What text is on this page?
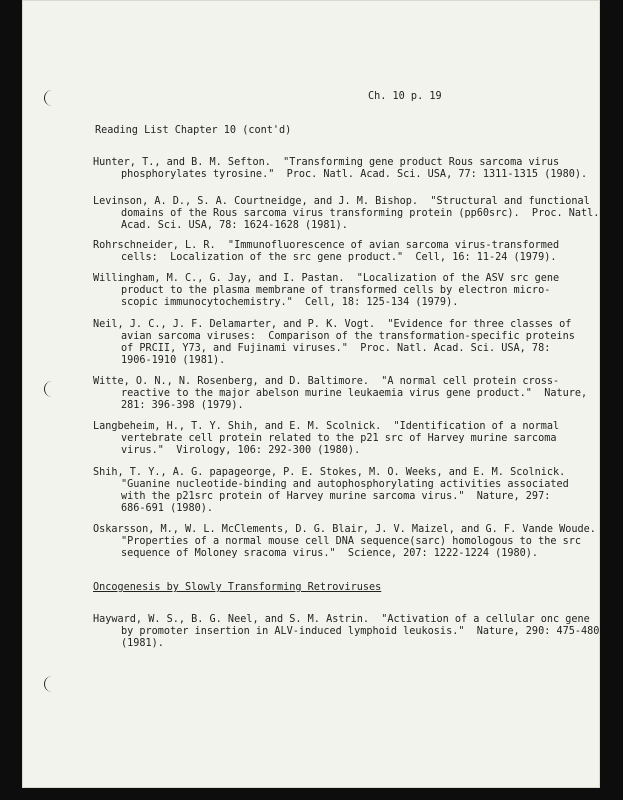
Ch. 10 p. 19
Reading List Chapter 10 (cont'd)
Hunter, T., and B. M. Sefton.  "Transforming gene product Rous sarcoma virus
phosphorylates tyrosine."  Proc. Natl. Acad. Sci. USA, 77: 1311-1315 (1980).
Levinson, A. D., S. A. Courtneidge, and J. M. Bishop.  "Structural and functional
domains of the Rous sarcoma virus transforming protein (pp60src).  Proc. Natl.
Acad. Sci. USA, 78: 1624-1628 (1981).
Rohrschneider, L. R.  "Immunofluorescence of avian sarcoma virus-transformed
cells:  Localization of the src gene product."  Cell, 16: 11-24 (1979).
Willingham, M. C., G. Jay, and I. Pastan.  "Localization of the ASV src gene
product to the plasma membrane of transformed cells by electron micro-
scopic immunocytochemistry."  Cell, 18: 125-134 (1979).
Neil, J. C., J. F. Delamarter, and P. K. Vogt.  "Evidence for three classes of
avian sarcoma viruses:  Comparison of the transformation-specific proteins
of PRCII, Y73, and Fujinami viruses."  Proc. Natl. Acad. Sci. USA, 78:
1906-1910 (1981).
Witte, O. N., N. Rosenberg, and D. Baltimore.  "A normal cell protein cross-
reactive to the major abelson murine leukaemia virus gene product."  Nature,
281: 396-398 (1979).
Langbeheim, H., T. Y. Shih, and E. M. Scolnick.  "Identification of a normal
vertebrate cell protein related to the p21 src of Harvey murine sarcoma
virus."  Virology, 106: 292-300 (1980).
Shih, T. Y., A. G. papageorge, P. E. Stokes, M. O. Weeks, and E. M. Scolnick.
"Guanine nucleotide-binding and autophosphorylating activities associated
with the p21src protein of Harvey murine sarcoma virus."  Nature, 297:
686-691 (1980).
Oskarsson, M., W. L. McClements, D. G. Blair, J. V. Maizel, and G. F. Vande Woude.
"Properties of a normal mouse cell DNA sequence(sarc) homologous to the src
sequence of Moloney sracoma virus."  Science, 207: 1222-1224 (1980).
Oncogenesis by Slowly Transforming Retroviruses
Hayward, W. S., B. G. Neel, and S. M. Astrin.  "Activation of a cellular onc gene
by promoter insertion in ALV-induced lymphoid leukosis."  Nature, 290: 475-480
(1981).
